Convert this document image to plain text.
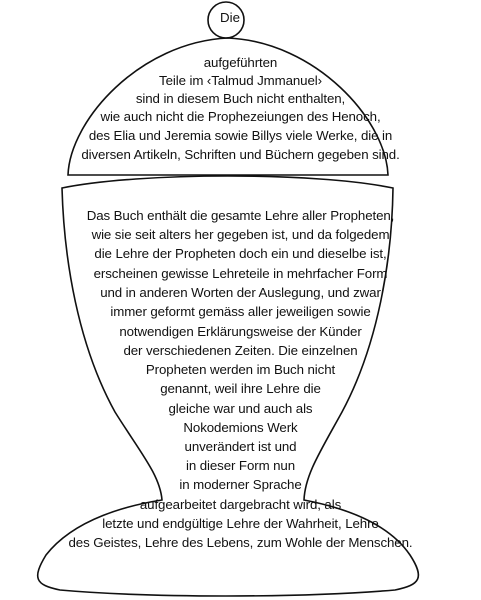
Die
aufgeführten
Teile im ‹Talmud Jmmanuel›
sind in diesem Buch nicht enthalten,
wie auch nicht die Prophezeiungen des Henoch,
des Elia und Jeremia sowie Billys viele Werke, die in
diversen Artikeln, Schriften und Büchern gegeben sind.
Das Buch enthält die gesamte Lehre aller Propheten,
wie sie seit alters her gegeben ist, und da folgedem
die Lehre der Propheten doch ein und dieselbe ist,
erscheinen gewisse Lehreteile in mehrfacher Form
und in anderen Worten der Auslegung, und zwar
immer geformt gemäss aller jeweiligen sowie
notwendigen Erklärungsweise der Künder
der verschiedenen Zeiten. Die einzelnen
Propheten werden im Buch nicht
genannt, weil ihre Lehre die
gleiche war und auch als
Nokodemions Werk
unverändert ist und
in dieser Form nun
in moderner Sprache
aufgearbeitet dargebracht wird, als
letzte und endgültige Lehre der Wahrheit, Lehre
des Geistes, Lehre des Lebens, zum Wohle der Menschen.
